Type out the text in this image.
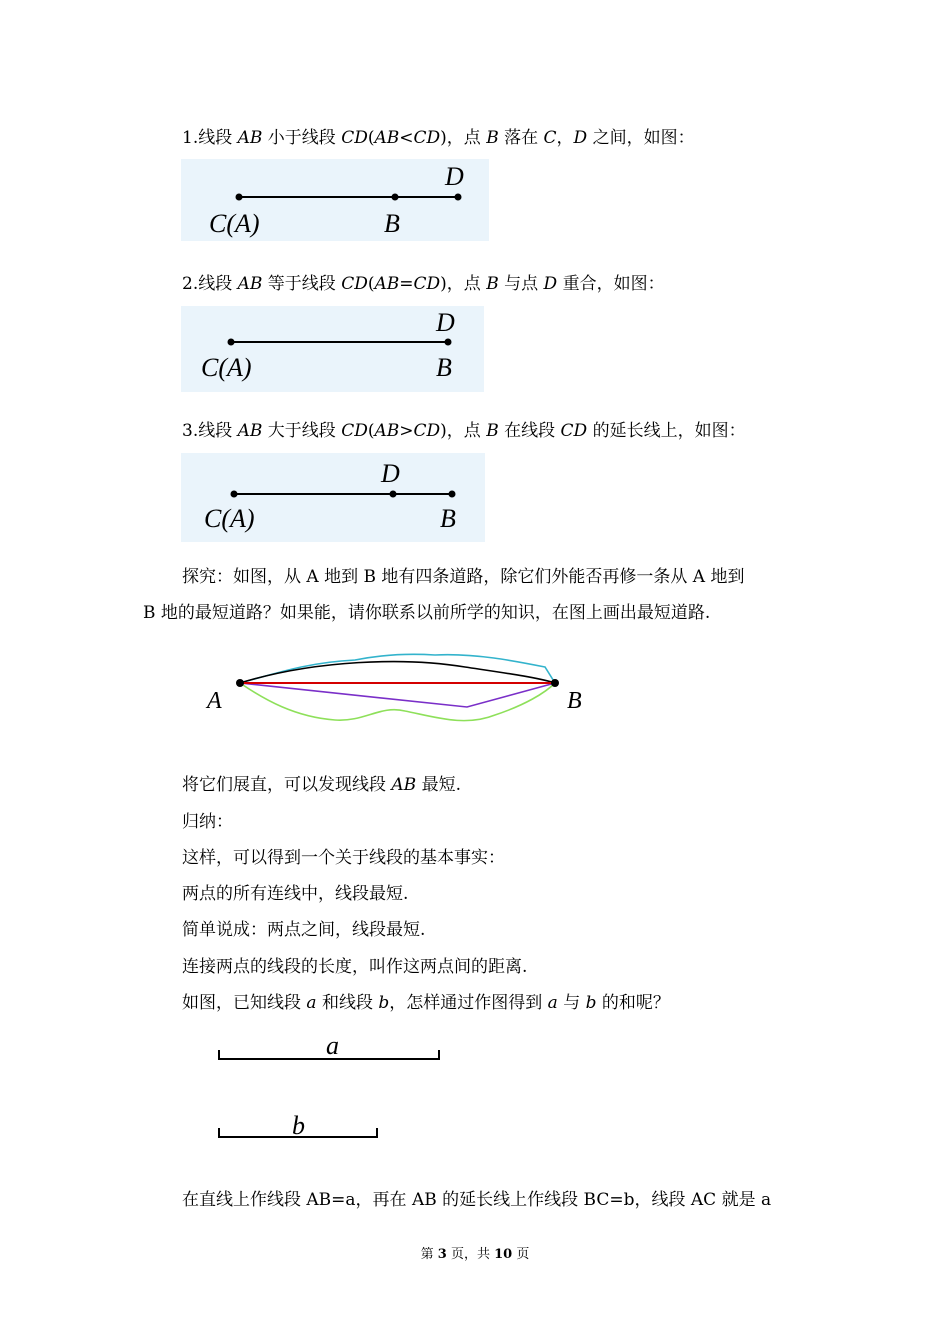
1.线段 AB 小于线段 CD(AB<CD)，点 B 落在 C，D 之间，如图：
D
C(A)	B
2.线段 AB 等于线段 CD(AB=CD)，点 B 与点 D 重合，如图：
D
C(A)	B
3.线段 AB 大于线段 CD(AB>CD)，点 B 在线段 CD 的延长线上，如图：
D
C(A)	B
探究：如图，从 A 地到 B 地有四条道路，除它们外能否再修一条从 A 地到
B 地的最短道路？如果能，请你联系以前所学的知识，在图上画出最短道路.
A	B
将它们展直，可以发现线段 AB 最短.
归纳：
这样，可以得到一个关于线段的基本事实：
两点的所有连线中，线段最短.
简单说成：两点之间，线段最短.
连接两点的线段的长度，叫作这两点间的距离.
如图，已知线段 a 和线段 b，怎样通过作图得到 a 与 b 的和呢？
a
b
在直线上作线段 AB=a，再在 AB 的延长线上作线段 BC=b，线段 AC 就是 a
第 3 页，共 10 页
